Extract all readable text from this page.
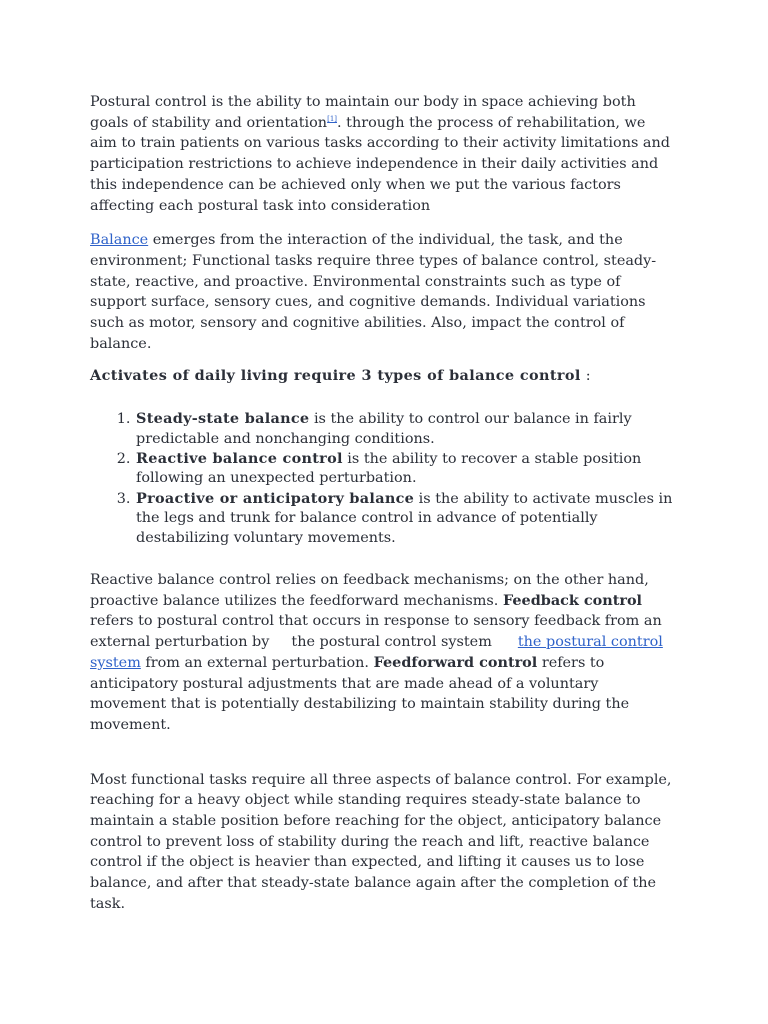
Postural control is the ability to maintain our body in space achieving both goals of stability and orientation[1]. through the process of rehabilitation, we aim to train patients on various tasks according to their activity limitations and participation restrictions to achieve independence in their daily activities and this independence can be achieved only when we put the various factors affecting each postural task into consideration

Balance emerges from the interaction of the individual, the task, and the environment; Functional tasks require three types of balance control, steady-state, reactive, and proactive. Environmental constraints such as type of support surface, sensory cues, and cognitive demands. Individual variations such as motor, sensory and cognitive abilities. Also, impact the control of balance.

Activates of daily living require 3 types of balance control :

1. Steady-state balance is the ability to control our balance in fairly predictable and nonchanging conditions.
2. Reactive balance control is the ability to recover a stable position following an unexpected perturbation.
3. Proactive or anticipatory balance is the ability to activate muscles in the legs and trunk for balance control in advance of potentially destabilizing voluntary movements.

Reactive balance control relies on feedback mechanisms; on the other hand, proactive balance utilizes the feedforward mechanisms. Feedback control refers to postural control that occurs in response to sensory feedback from an external perturbation by the postural control system the postural control system from an external perturbation. Feedforward control refers to anticipatory postural adjustments that are made ahead of a voluntary movement that is potentially destabilizing to maintain stability during the movement.

Most functional tasks require all three aspects of balance control. For example, reaching for a heavy object while standing requires steady-state balance to maintain a stable position before reaching for the object, anticipatory balance control to prevent loss of stability during the reach and lift, reactive balance control if the object is heavier than expected, and lifting it causes us to lose balance, and after that steady-state balance again after the completion of the task.
